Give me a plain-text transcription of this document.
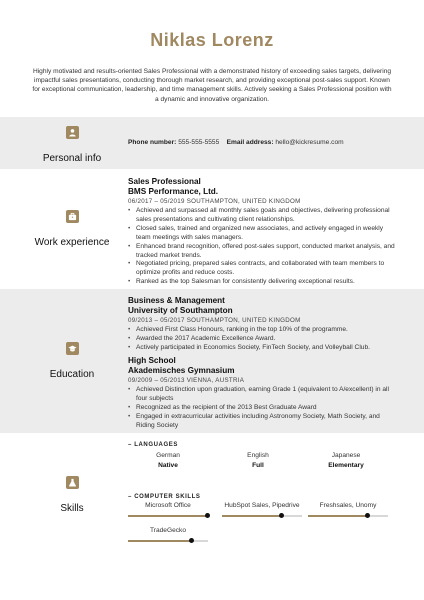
Niklas Lorenz
Highly motivated and results-oriented Sales Professional with a demonstrated history of exceeding sales targets, delivering impactful sales presentations, conducting thorough market research, and providing exceptional post-sales support. Known for exceptional communication, leadership, and time management skills. Actively seeking a Sales Professional position with a dynamic and innovative organization.
Personal info
Phone number: 555-555-5555 Email address: hello@kickresume.com
Work experience
Sales Professional
BMS Performance, Ltd.
06/2017 – 05/2019 SOUTHAMPTON, UNITED KINGDOM
• Achieved and surpassed all monthly sales goals and objectives, delivering professional sales presentations and cultivating client relationships.
• Closed sales, trained and organized new associates, and actively engaged in weekly team meetings with sales managers.
• Enhanced brand recognition, offered post-sales support, conducted market analysis, and tracked market trends.
• Negotiated pricing, prepared sales contracts, and collaborated with team members to optimize profits and reduce costs.
• Ranked as the top Salesman for consistently delivering exceptional results.
Education
Business & Management
University of Southampton
09/2013 – 05/2017 SOUTHAMPTON, UNITED KINGDOM
• Achieved First Class Honours, ranking in the top 10% of the programme.
• Awarded the 2017 Academic Excellence Award.
• Actively participated in Economics Society, FinTech Society, and Volleyball Club.
High School
Akademisches Gymnasium
09/2009 – 05/2013 VIENNA, AUSTRIA
• Achieved Distinction upon graduation, earning Grade 1 (equivalent to A/excellent) in all four subjects
• Recognized as the recipient of the 2013 Best Graduate Award
• Engaged in extracurricular activities including Astronomy Society, Math Society, and Riding Society
Skills
– LANGUAGES
German
Native
English
Full
Japanese
Elementary
– COMPUTER SKILLS
Microsoft Office	HubSpot Sales, Pipedrive	Freshsales, Unomy
TradeGecko
